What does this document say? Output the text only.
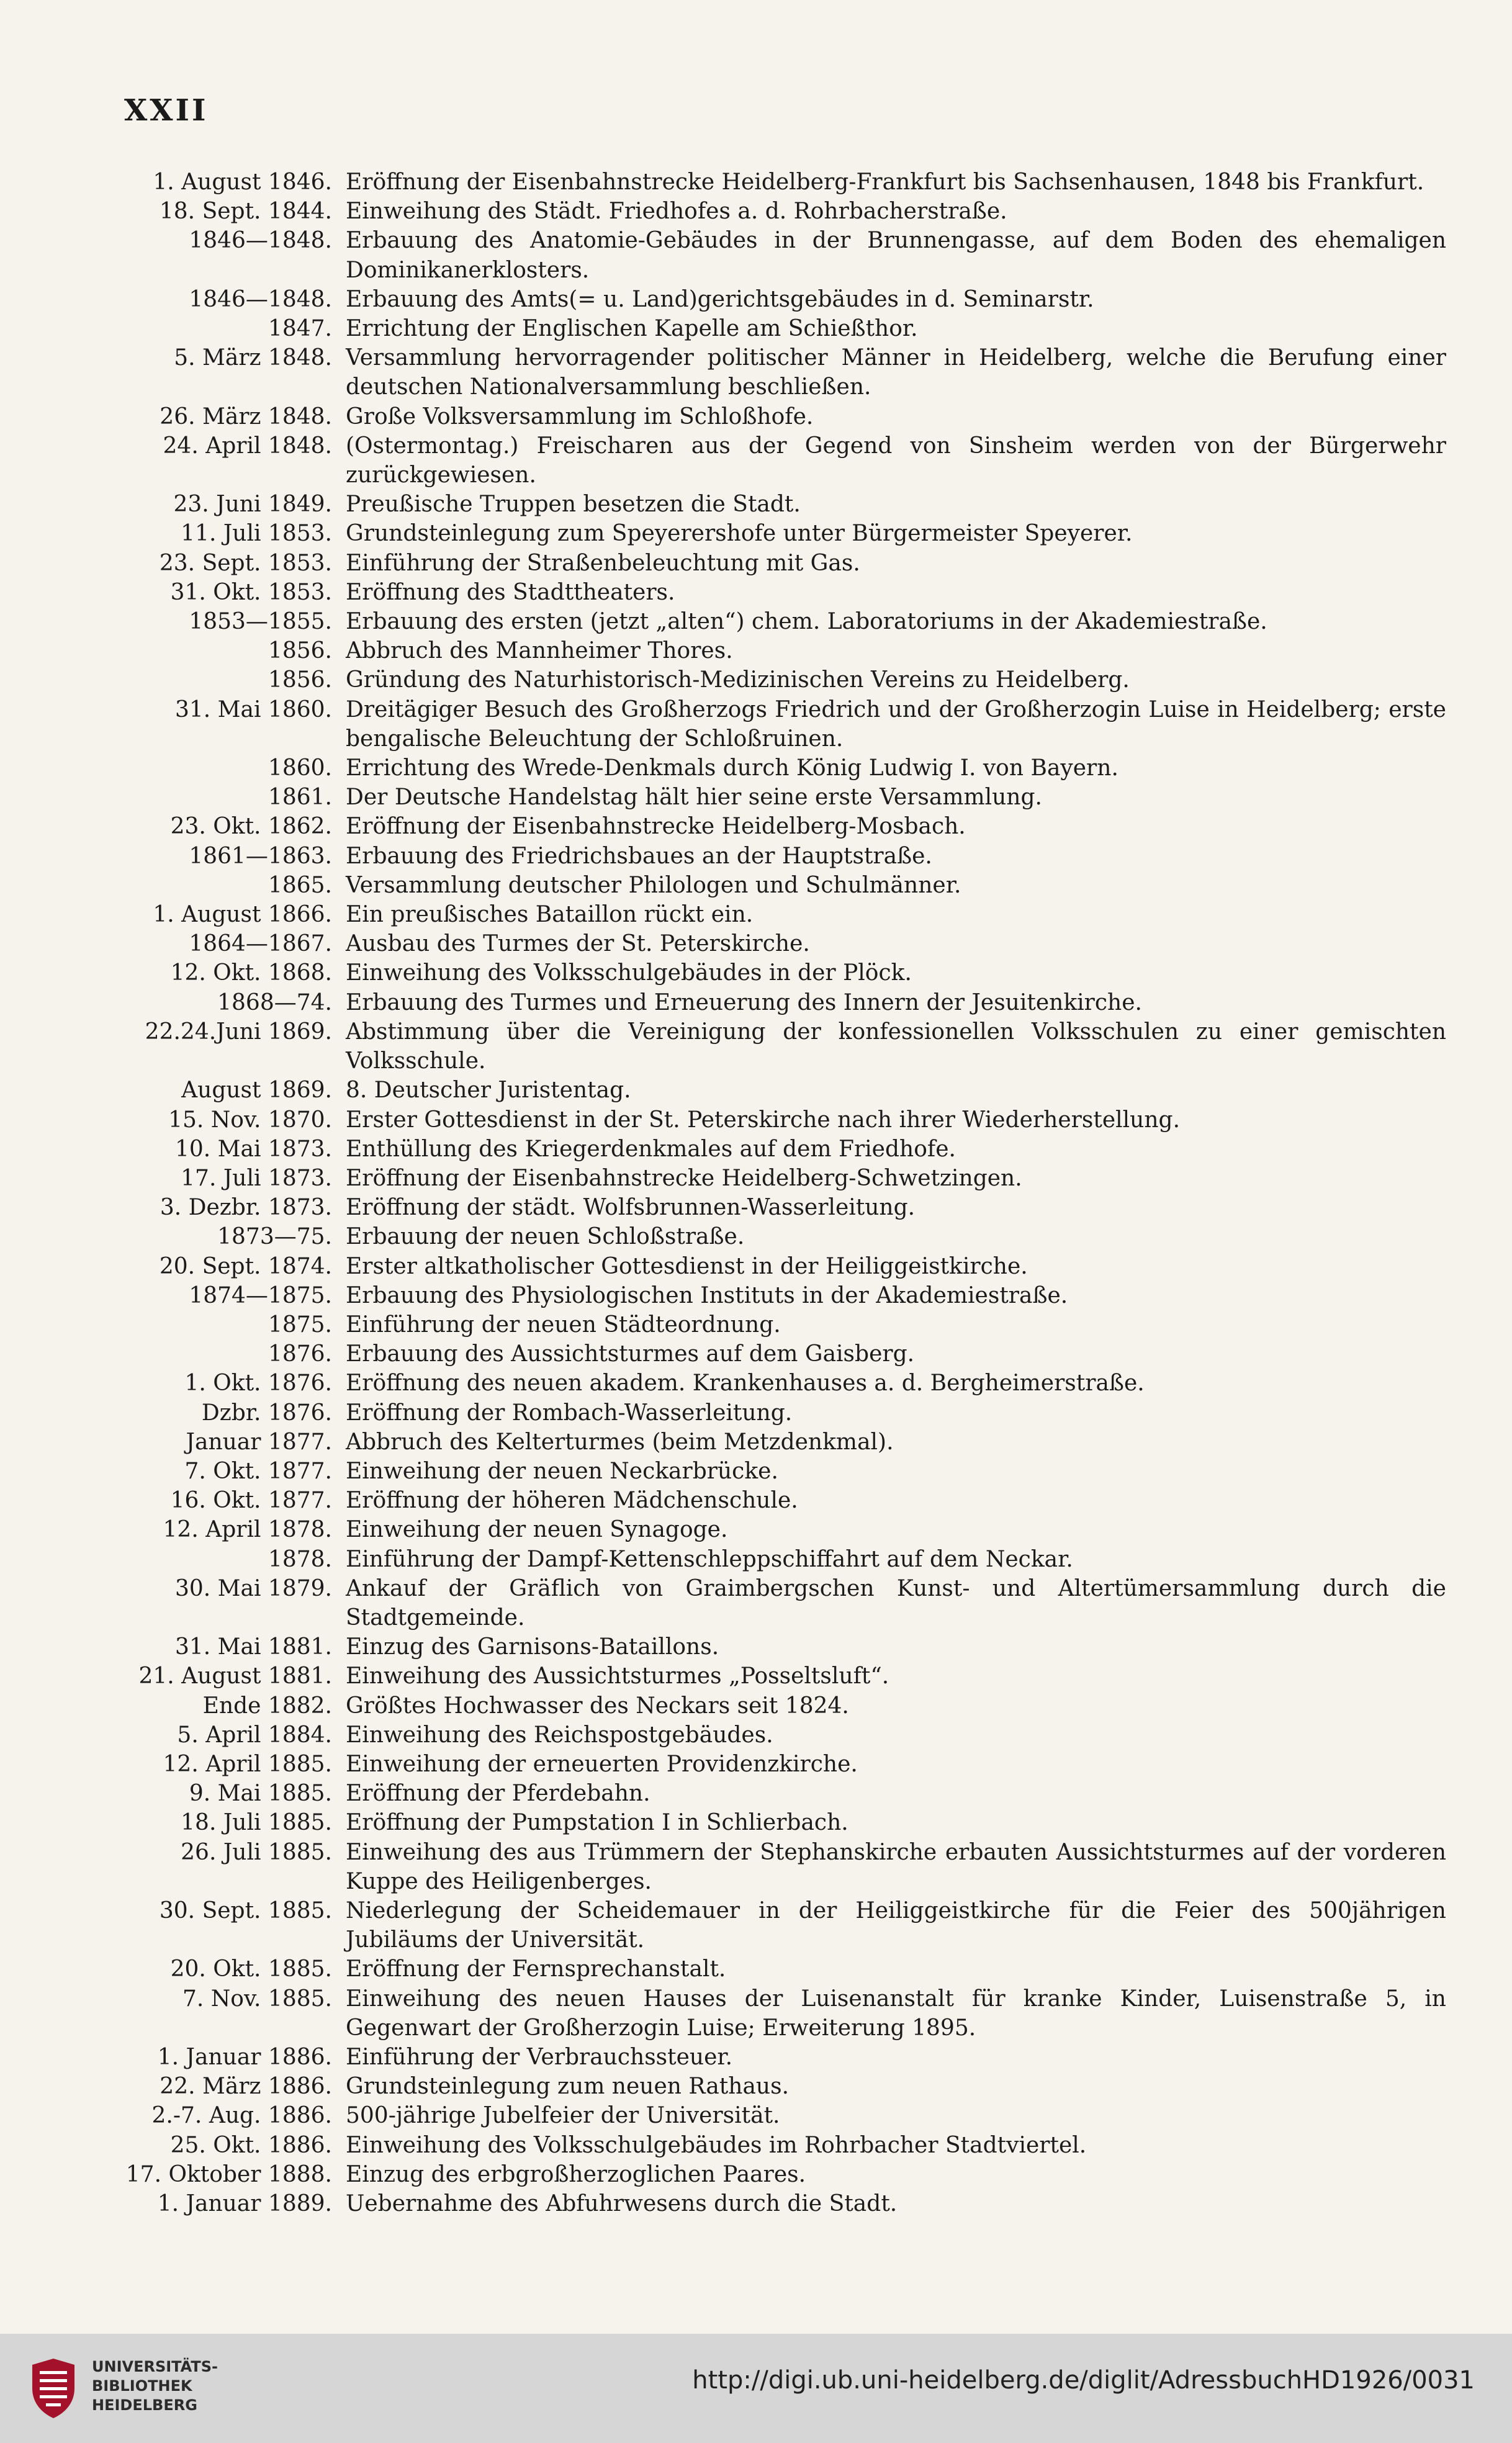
XXII
1. August 1846. Eröffnung der Eisenbahnstrecke Heidelberg-Frankfurt bis Sachsenhausen, 1848 bis Frankfurt.
18. Sept. 1844. Einweihung des Städt. Friedhofes a. d. Rohrbacherstraße.
1846—1848. Erbauung des Anatomie-Gebäudes in der Brunnengasse, auf dem Boden des ehemaligen Dominikanerklosters.
1846—1848. Erbauung des Amts(= u. Land)gerichtsgebäudes in d. Seminarstr.
1847. Errichtung der Englischen Kapelle am Schießthor.
5. März 1848. Versammlung hervorragender politischer Männer in Heidelberg, welche die Berufung einer deutschen Nationalversammlung beschließen.
26. März 1848. Große Volksversammlung im Schloßhofe.
24. April 1848. (Ostermontag.) Freischaren aus der Gegend von Sinsheim werden von der Bürgerwehr zurückgewiesen.
23. Juni 1849. Preußische Truppen besetzen die Stadt.
11. Juli 1853. Grundsteinlegung zum Speyerershofe unter Bürgermeister Speyerer.
23. Sept. 1853. Einführung der Straßenbeleuchtung mit Gas.
31. Okt. 1853. Eröffnung des Stadttheaters.
1853—1855. Erbauung des ersten (jetzt „alten“) chem. Laboratoriums in der Akademiestraße.
1856. Abbruch des Mannheimer Thores.
1856. Gründung des Naturhistorisch-Medizinischen Vereins zu Heidelberg.
31. Mai 1860. Dreitägiger Besuch des Großherzogs Friedrich und der Großherzogin Luise in Heidelberg; erste bengalische Beleuchtung der Schloßruinen.
1860. Errichtung des Wrede-Denkmals durch König Ludwig I. von Bayern.
1861. Der Deutsche Handelstag hält hier seine erste Versammlung.
23. Okt. 1862. Eröffnung der Eisenbahnstrecke Heidelberg-Mosbach.
1861—1863. Erbauung des Friedrichsbaues an der Hauptstraße.
1865. Versammlung deutscher Philologen und Schulmänner.
1. August 1866. Ein preußisches Bataillon rückt ein.
1864—1867. Ausbau des Turmes der St. Peterskirche.
12. Okt. 1868. Einweihung des Volksschulgebäudes in der Plöck.
1868—74. Erbauung des Turmes und Erneuerung des Innern der Jesuitenkirche.
22.24.Juni 1869. Abstimmung über die Vereinigung der konfessionellen Volksschulen zu einer gemischten Volksschule.
August 1869. 8. Deutscher Juristentag.
15. Nov. 1870. Erster Gottesdienst in der St. Peterskirche nach ihrer Wiederherstellung.
10. Mai 1873. Enthüllung des Kriegerdenkmales auf dem Friedhofe.
17. Juli 1873. Eröffnung der Eisenbahnstrecke Heidelberg-Schwetzingen.
3. Dezbr. 1873. Eröffnung der städt. Wolfsbrunnen-Wasserleitung.
1873—75. Erbauung der neuen Schloßstraße.
20. Sept. 1874. Erster altkatholischer Gottesdienst in der Heiliggeistkirche.
1874—1875. Erbauung des Physiologischen Instituts in der Akademiestraße.
1875. Einführung der neuen Städteordnung.
1876. Erbauung des Aussichtsturmes auf dem Gaisberg.
1. Okt. 1876. Eröffnung des neuen akadem. Krankenhauses a. d. Bergheimerstraße.
Dzbr. 1876. Eröffnung der Rombach-Wasserleitung.
Januar 1877. Abbruch des Kelterturmes (beim Metzdenkmal).
7. Okt. 1877. Einweihung der neuen Neckarbrücke.
16. Okt. 1877. Eröffnung der höheren Mädchenschule.
12. April 1878. Einweihung der neuen Synagoge.
1878. Einführung der Dampf-Kettenschleppschiffahrt auf dem Neckar.
30. Mai 1879. Ankauf der Gräflich von Graimbergschen Kunst- und Altertümersammlung durch die Stadtgemeinde.
31. Mai 1881. Einzug des Garnisons-Bataillons.
21. August 1881. Einweihung des Aussichtsturmes „Posseltsluft“.
Ende 1882. Größtes Hochwasser des Neckars seit 1824.
5. April 1884. Einweihung des Reichspostgebäudes.
12. April 1885. Einweihung der erneuerten Providenzkirche.
9. Mai 1885. Eröffnung der Pferdebahn.
18. Juli 1885. Eröffnung der Pumpstation I in Schlierbach.
26. Juli 1885. Einweihung des aus Trümmern der Stephanskirche erbauten Aussichtsturmes auf der vorderen Kuppe des Heiligenberges.
30. Sept. 1885. Niederlegung der Scheidemauer in der Heiliggeistkirche für die Feier des 500jährigen Jubiläums der Universität.
20. Okt. 1885. Eröffnung der Fernsprechanstalt.
7. Nov. 1885. Einweihung des neuen Hauses der Luisenanstalt für kranke Kinder, Luisenstraße 5, in Gegenwart der Großherzogin Luise; Erweiterung 1895.
1. Januar 1886. Einführung der Verbrauchssteuer.
22. März 1886. Grundsteinlegung zum neuen Rathaus.
2.-7. Aug. 1886. 500-jährige Jubelfeier der Universität.
25. Okt. 1886. Einweihung des Volksschulgebäudes im Rohrbacher Stadtviertel.
17. Oktober 1888. Einzug des erbgroßherzoglichen Paares.
1. Januar 1889. Uebernahme des Abfuhrwesens durch die Stadt.
UNIVERSITÄTS-
BIBLIOTHEK
HEIDELBERG
http://digi.ub.uni-heidelberg.de/diglit/AdressbuchHD1926/0031
